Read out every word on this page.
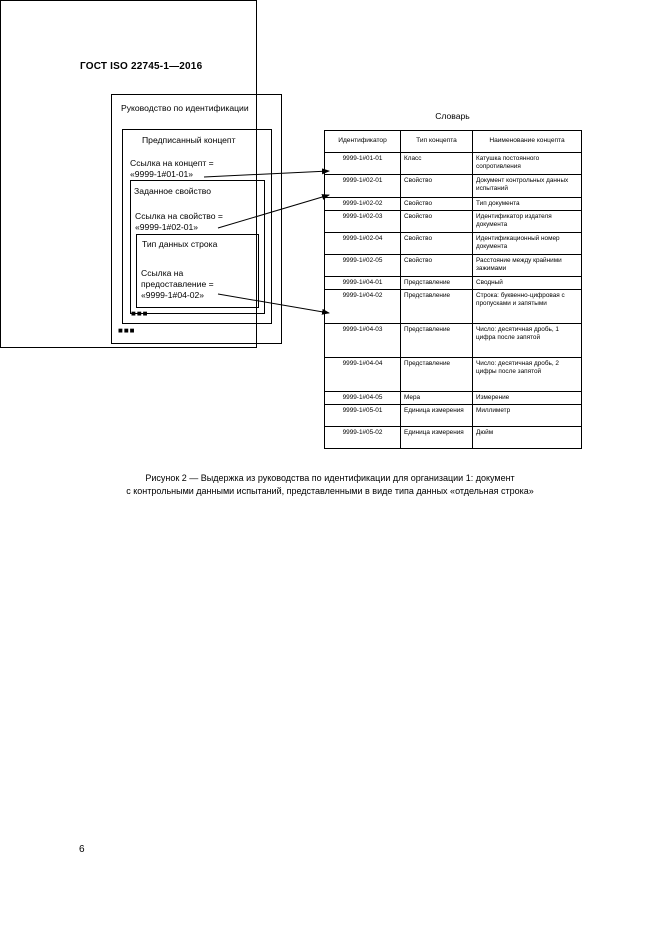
ГОСТ ISO 22745-1—2016
Руководство по идентификации
Предписанный концепт
Ссылка на концепт =
«9999-1#01-01»
Заданное свойство
Ссылка на свойство =
«9999-1#02-01»
Тип данных строка
Ссылка на
предоставление =
«9999-1#04-02»
■■■
■■■
Словарь
Идентификатор	Тип концепта	Наименование концепта
9999-1#01-01	Класс	Катушка постоянного сопротивления
9999-1#02-01	Свойство	Документ контрольных данных испытаний
9999-1#02-02	Свойство	Тип документа
9999-1#02-03	Свойство	Идентификатор издателя документа
9999-1#02-04	Свойство	Идентификационный номер документа
9999-1#02-05	Свойство	Расстояние между крайними зажимами
9999-1#04-01	Представление	Сводный
9999-1#04-02	Представление	Строка: буквенно-цифровая с пропусками и запятыми
9999-1#04-03	Представление	Число: десятичная дробь, 1 цифра после запятой
9999-1#04-04	Представление	Число: десятичная дробь, 2 цифры после запятой
9999-1#04-05	Мера	Измерение
9999-1#05-01	Единица измерения	Миллиметр
9999-1#05-02	Единица измерения	Дюйм
Рисунок 2 — Выдержка из руководства по идентификации для организации 1: документ
с контрольными данными испытаний, представленными в виде типа данных «отдельная строка»
6
